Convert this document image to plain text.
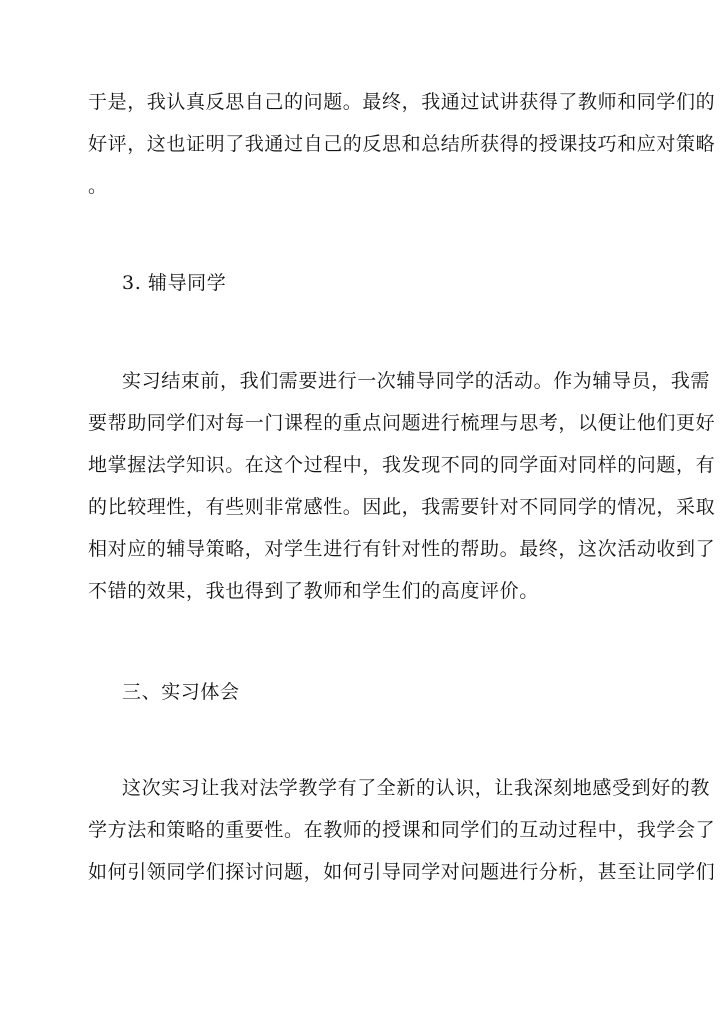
于是，我认真反思自己的问题。最终，我通过试讲获得了教师和同学们的
好评，这也证明了我通过自己的反思和总结所获得的授课技巧和应对策略
。
3. 辅导同学
实习结束前，我们需要进行一次辅导同学的活动。作为辅导员，我需
要帮助同学们对每一门课程的重点问题进行梳理与思考，以便让他们更好
地掌握法学知识。在这个过程中，我发现不同的同学面对同样的问题，有
的比较理性，有些则非常感性。因此，我需要针对不同同学的情况，采取
相对应的辅导策略，对学生进行有针对性的帮助。最终，这次活动收到了
不错的效果，我也得到了教师和学生们的高度评价。
三、实习体会
这次实习让我对法学教学有了全新的认识，让我深刻地感受到好的教
学方法和策略的重要性。在教师的授课和同学们的互动过程中，我学会了
如何引领同学们探讨问题，如何引导同学对问题进行分析，甚至让同学们
